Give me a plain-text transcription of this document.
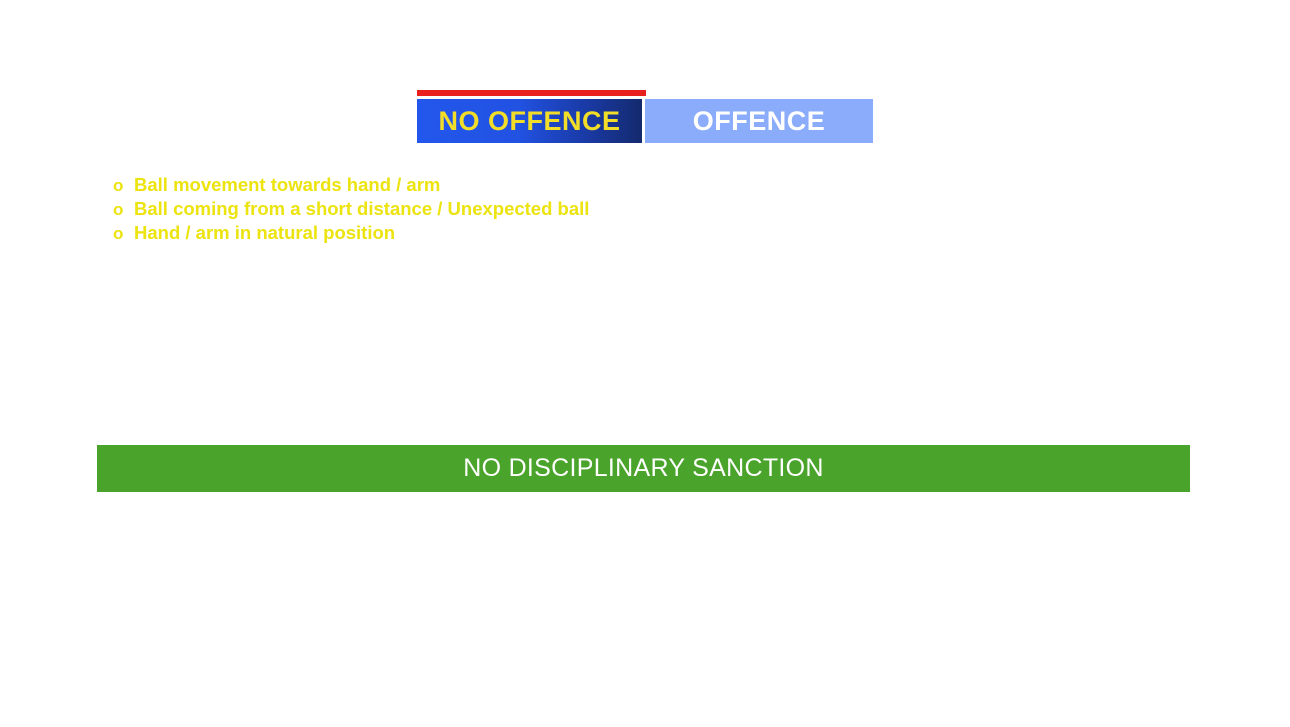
NO OFFENCE	OFFENCE
o Ball movement towards hand / arm
o Ball coming from a short distance / Unexpected ball
o Hand / arm in natural position
NO DISCIPLINARY SANCTION
